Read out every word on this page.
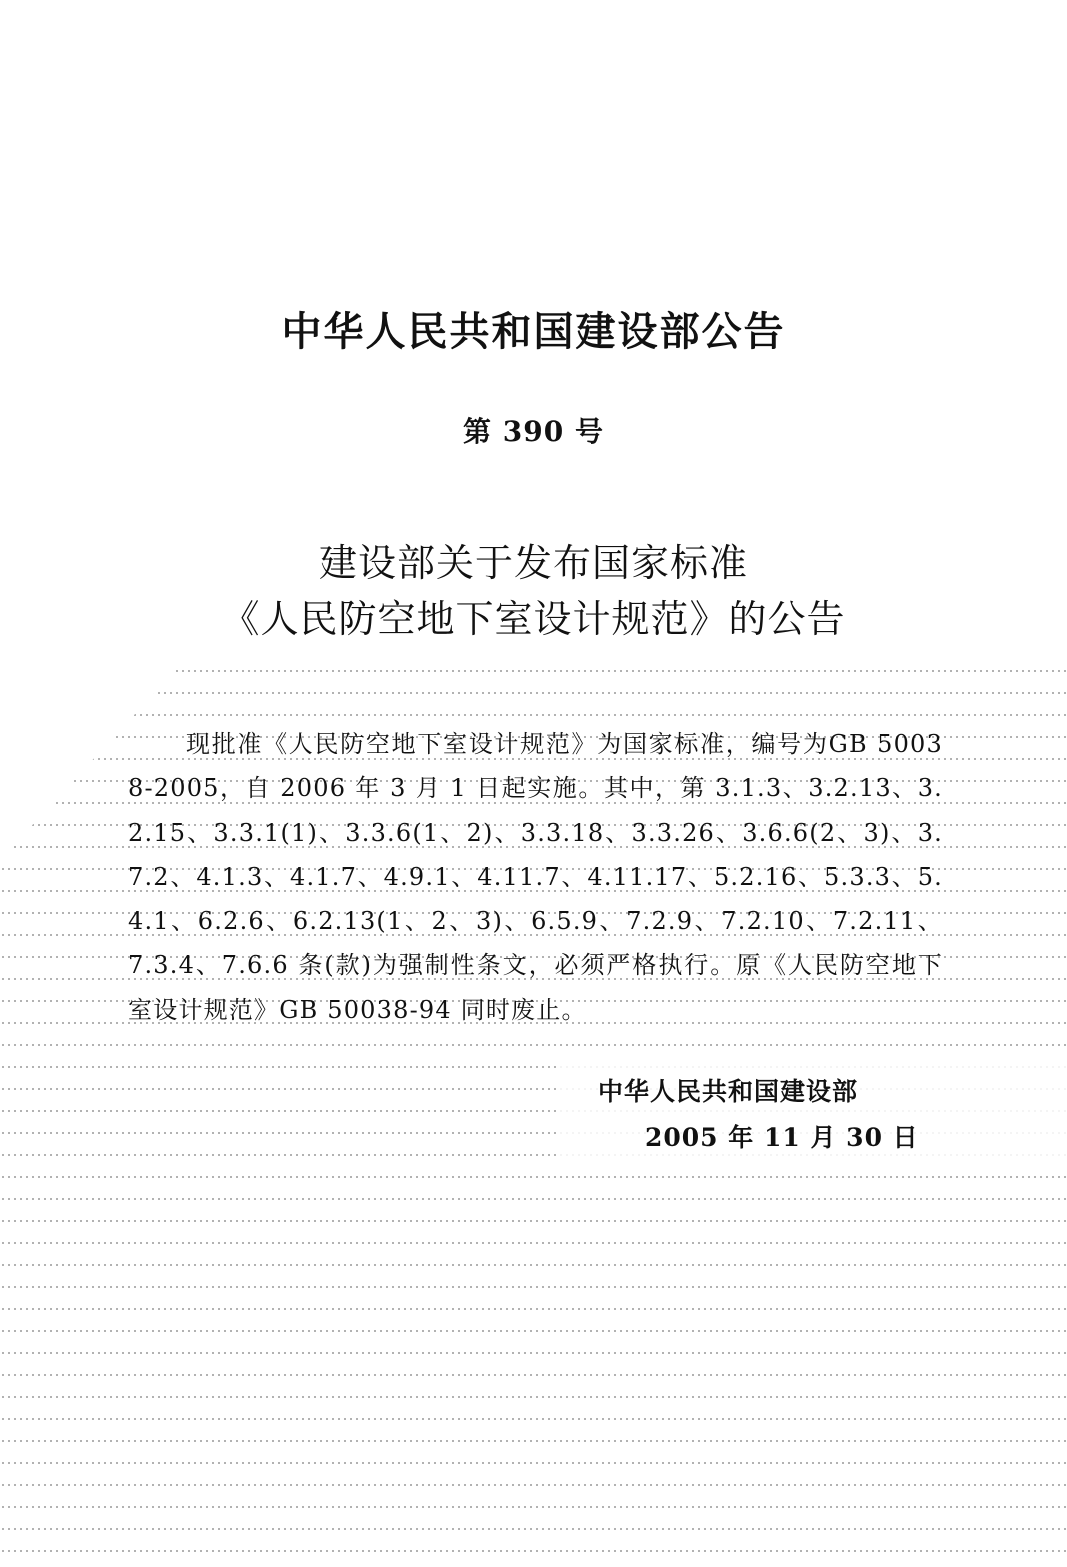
中华人民共和国建设部公告
第 390 号
建设部关于发布国家标准
《人民防空地下室设计规范》的公告
现批准《人民防空地下室设计规范》为国家标准，编号为GB 50038-2005，自 2006 年 3 月 1 日起实施。其中，第 3.1.3、3.2.13、3.2.15、3.3.1(1)、3.3.6(1、2)、3.3.18、3.3.26、3.6.6(2、3)、3.7.2、4.1.3、4.1.7、4.9.1、4.11.7、4.11.17、5.2.16、5.3.3、5.4.1、6.2.6、6.2.13(1、2、3)、6.5.9、7.2.9、7.2.10、7.2.11、7.3.4、7.6.6 条(款)为强制性条文，必须严格执行。原《人民防空地下室设计规范》GB 50038-94 同时废止。
中华人民共和国建设部
2005 年 11 月 30 日
